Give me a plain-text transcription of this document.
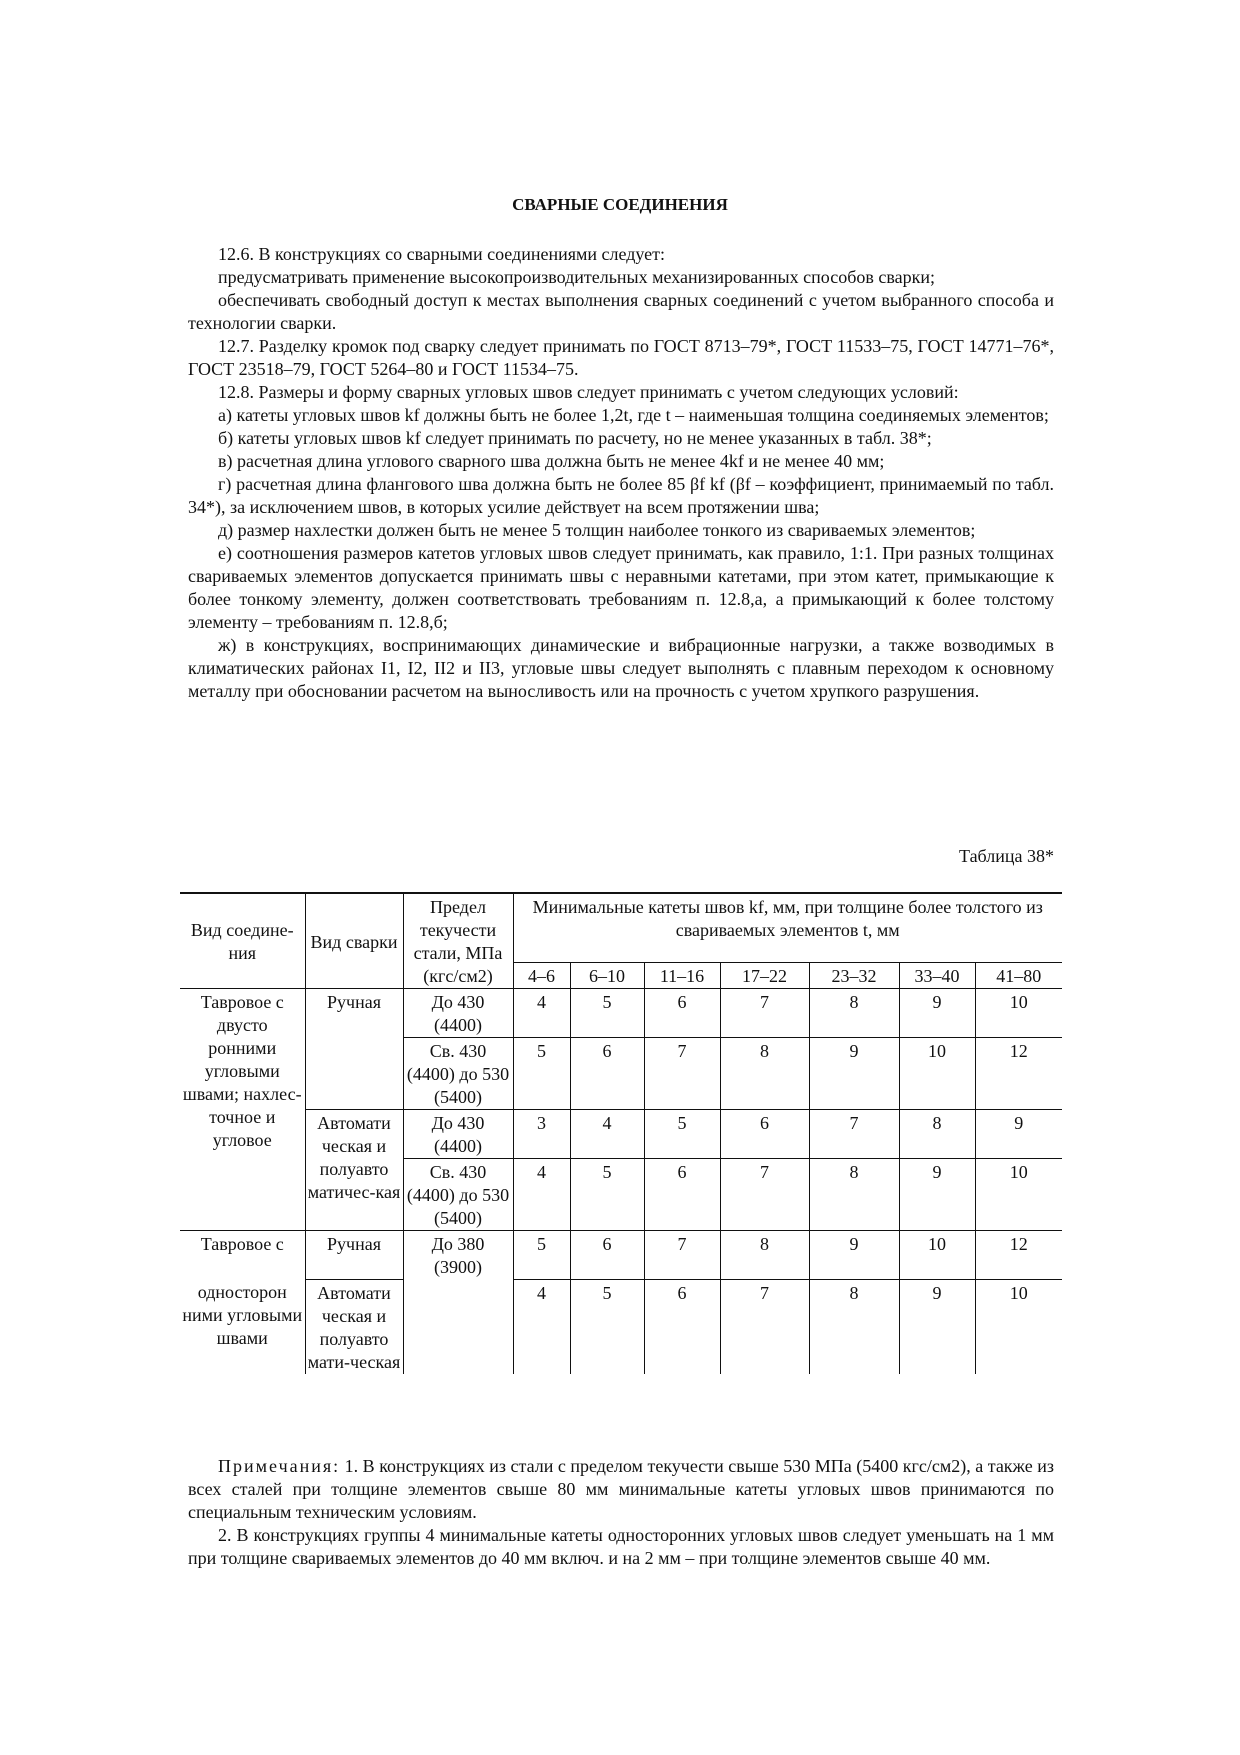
СВАРНЫЕ СОЕДИНЕНИЯ

12.6. В конструкциях со сварными соединениями следует:

предусматривать применение высокопроизводительных механизированных способов сварки;

обеспечивать свободный доступ к местах выполнения сварных соединений с учетом выбранного способа и технологии сварки.

12.7. Разделку кромок под сварку следует принимать по ГОСТ 8713–79*, ГОСТ 11533–75, ГОСТ 14771–76*, ГОСТ 23518–79, ГОСТ 5264–80 и ГОСТ 11534–75.

12.8. Размеры и форму сварных угловых швов следует принимать с учетом следующих условий:

а) катеты угловых швов kf должны быть не более 1,2t, где t – наименьшая толщина соединяемых элементов;

б) катеты угловых швов kf следует принимать по расчету, но не менее указанных в табл. 38*;

в) расчетная длина углового сварного шва должна быть не менее 4kf и не менее 40 мм;

г) расчетная длина флангового шва должна быть не более 85 βf kf (βf – коэффициент, принимаемый по табл. 34*), за исключением швов, в которых усилие действует на всем протяжении шва;

д) размер нахлестки должен быть не менее 5 толщин наиболее тонкого из свариваемых элементов;

е) соотношения размеров катетов угловых швов следует принимать, как правило, 1:1. При разных толщинах свариваемых элементов допускается принимать швы с неравными катетами, при этом катет, примыкающие к более тонкому элементу, должен соответствовать требованиям п. 12.8,а, а примыкающий к более толстому элементу – требованиям п. 12.8,б;

ж) в конструкциях, воспринимающих динамические и вибрационные нагрузки, а также возводимых в климатических районах I1, I2, II2 и II3, угловые швы следует выполнять с плавным переходом к основному металлу при обосновании расчетом на выносливость или на прочность с учетом хрупкого разрушения.

Таблица 38*
Вид соедине-ния	Вид сварки	Предел текучести стали, МПа (кгс/см2)	Минимальные катеты швов kf, мм, при толщине более толстого из свариваемых элементов t, мм						
			4–6	6–10	11–16	17–22	23–32	33–40	41–80
Тавровое с двусто ронними угловыми швами; нахлес-точное и угловое	Ручная	До 430 (4400)	4	5	6	7	8	9	10
		Св. 430 (4400) до 530 (5400)	5	6	7	8	9	10	12
	Автомати ческая и полуавто матичес-кая	До 430 (4400)	3	4	5	6	7	8	9
		Св. 430 (4400) до 530 (5400)	4	5	6	7	8	9	10
Тавровое с	Ручная	До 380 (3900)	5	6	7	8	9	10	12
односторон ними угловыми швами	Автомати ческая и полуавто мати-ческая		4	5	6	7	8	9	10

Примечания: 1. В конструкциях из стали с пределом текучести свыше 530 МПа (5400 кгс/см2), а также из всех сталей при толщине элементов свыше 80 мм минимальные катеты угловых швов принимаются по специальным техническим условиям.

2. В конструкциях группы 4 минимальные катеты односторонних угловых швов следует уменьшать на 1 мм при толщине свариваемых элементов до 40 мм включ. и на 2 мм – при толщине элементов свыше 40 мм.
